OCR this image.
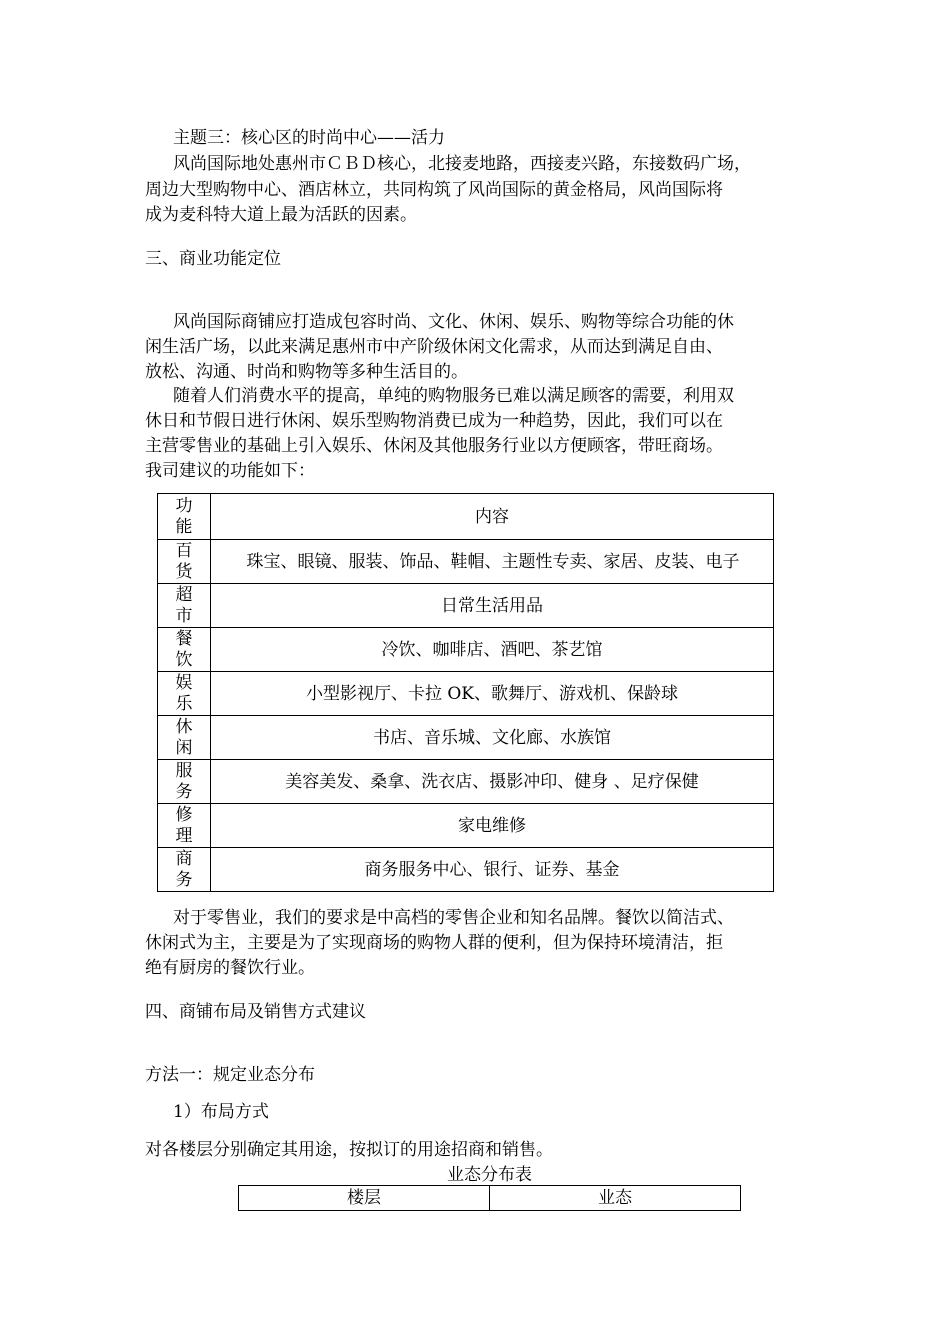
主题三：核心区的时尚中心——活力
风尚国际地处惠州市ＣＢＤ核心，北接麦地路，西接麦兴路，东接数码广场，
周边大型购物中心、酒店林立，共同构筑了风尚国际的黄金格局，风尚国际将
成为麦科特大道上最为活跃的因素。
三、商业功能定位
风尚国际商铺应打造成包容时尚、文化、休闲、娱乐、购物等综合功能的休
闲生活广场，以此来满足惠州市中产阶级休闲文化需求，从而达到满足自由、
放松、沟通、时尚和购物等多种生活目的。
随着人们消费水平的提高，单纯的购物服务已难以满足顾客的需要，利用双
休日和节假日进行休闲、娱乐型购物消费已成为一种趋势，因此，我们可以在
主营零售业的基础上引入娱乐、休闲及其他服务行业以方便顾客，带旺商场。
我司建议的功能如下：
功
能	内容

百
货	珠宝、眼镜、服装、饰品、鞋帽、主题性专卖、家居、皮装、电子

超
市	日常生活用品

餐
饮	冷饮、咖啡店、酒吧、茶艺馆

娱
乐	小型影视厅、卡拉 OK、歌舞厅、游戏机、保龄球

休
闲	书店、音乐城、文化廊、水族馆

服
务	美容美发、桑拿、洗衣店、摄影冲印、健身 、足疗保健

修
理	家电维修

商
务	商务服务中心、银行、证券、基金
对于零售业，我们的要求是中高档的零售企业和知名品牌。餐饮以简洁式、
休闲式为主，主要是为了实现商场的购物人群的便利，但为保持环境清洁，拒
绝有厨房的餐饮行业。
四、商铺布局及销售方式建议
方法一：规定业态分布
1）布局方式
对各楼层分别确定其用途，按拟订的用途招商和销售。
业态分布表
楼层	业态
